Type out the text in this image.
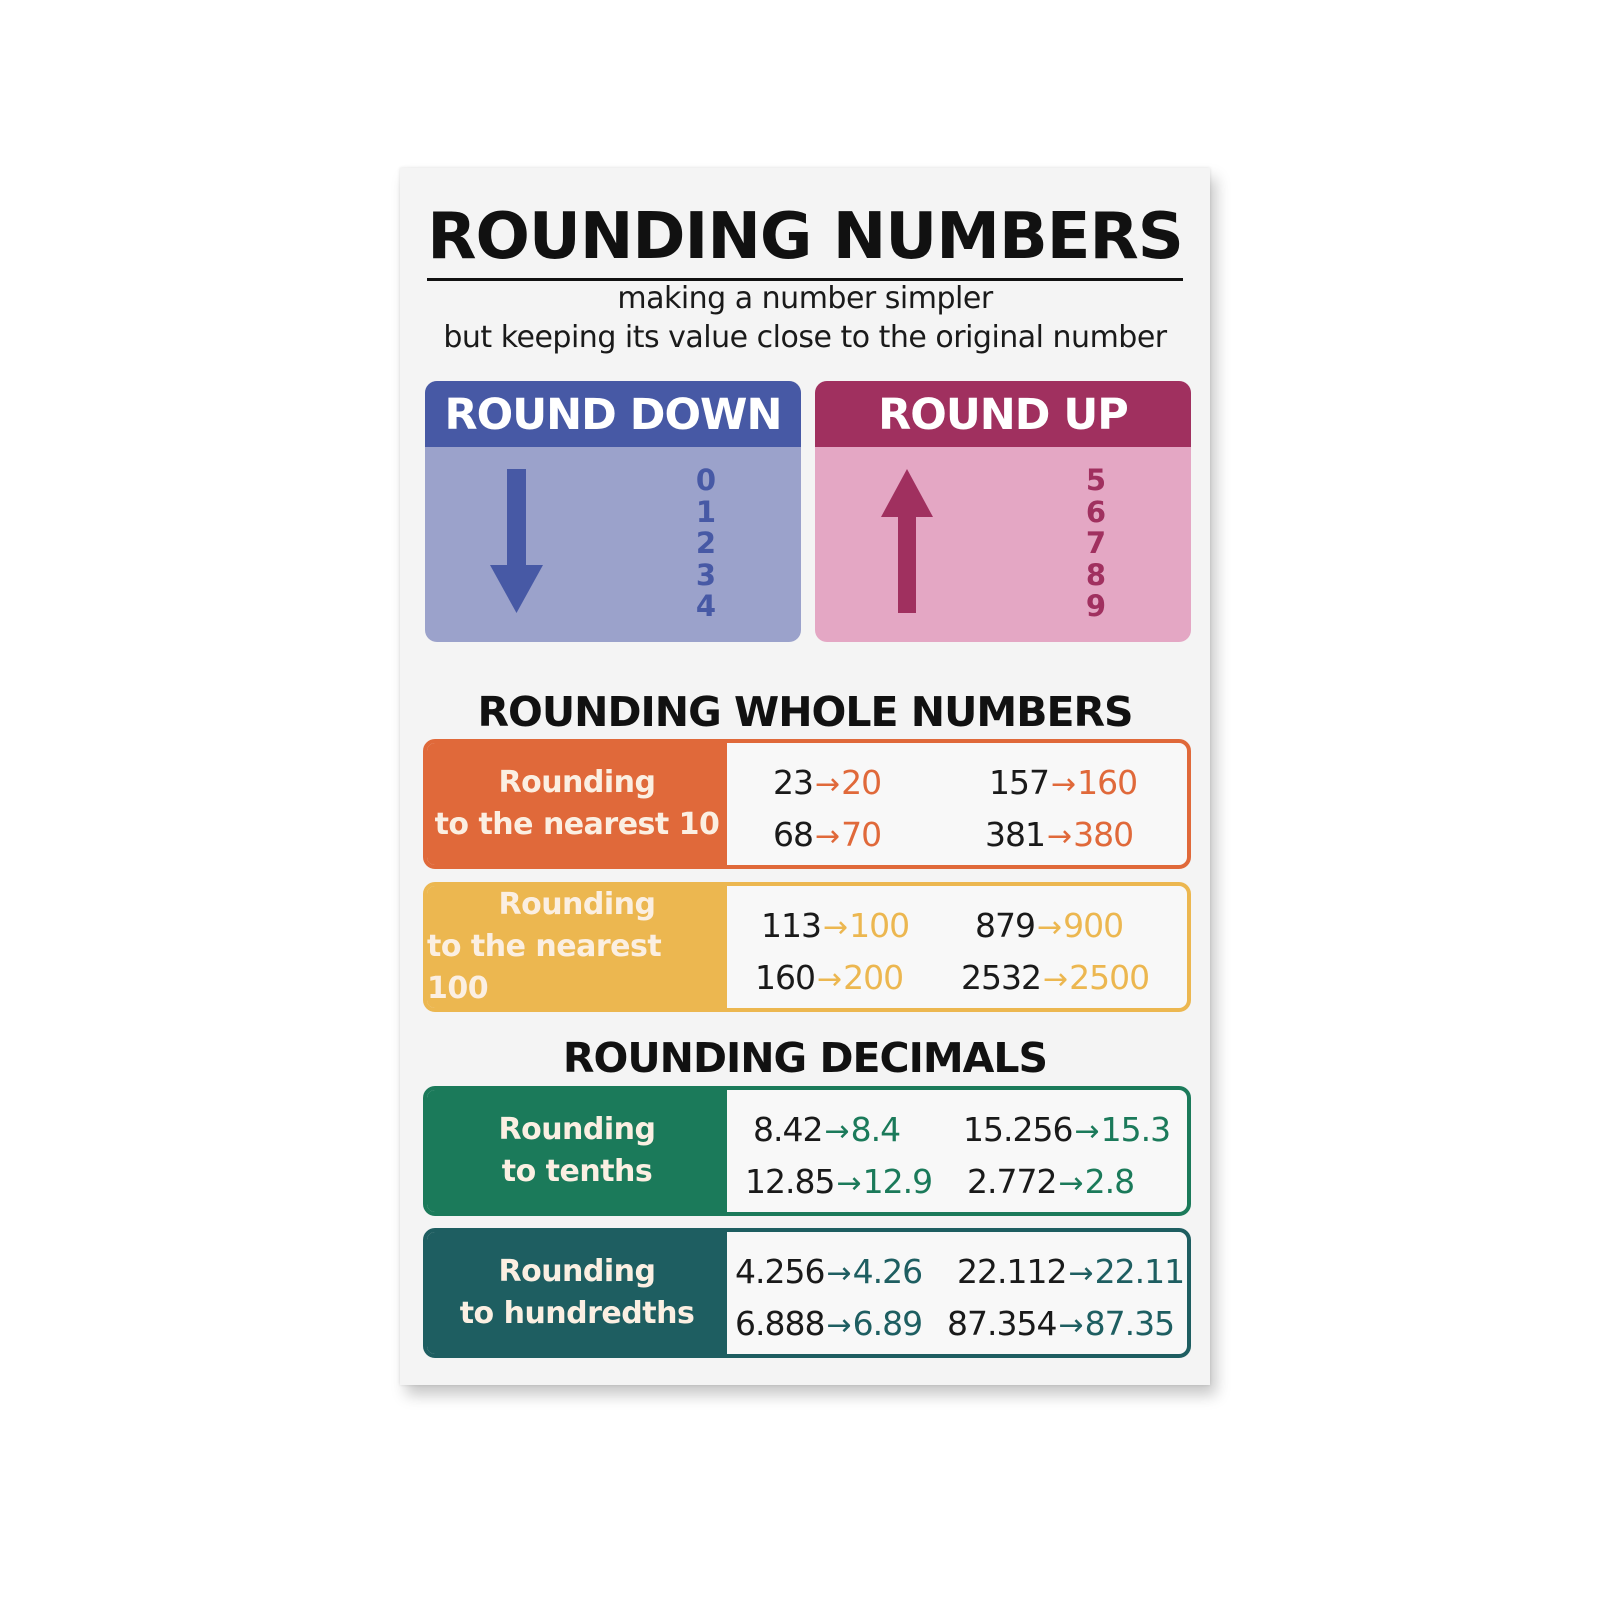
ROUNDING NUMBERS
making a number simpler
but keeping its value close to the original number
ROUND DOWN
0
1
2
3
4
ROUND UP
5
6
7
8
9
ROUNDING WHOLE NUMBERS
Rounding
to the nearest 10
23→20	157→160
68→70	381→380
Rounding
to the nearest 100
113→100 879→900
160→200 2532→2500
ROUNDING DECIMALS
Rounding
to tenths
8.42→8.4 15.256→15.3
12.85→12.9 2.772→2.8
Rounding
to hundredths
4.256→4.26 22.112→22.11
6.888→6.89 87.354→87.35
